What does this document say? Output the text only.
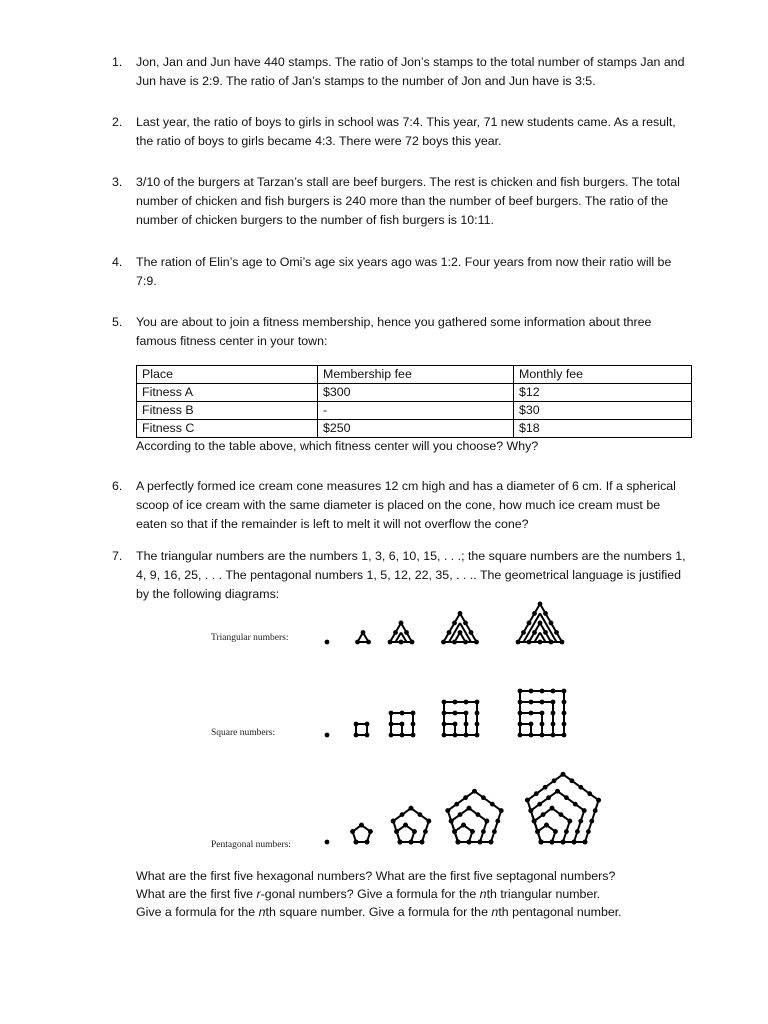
1.	Jon, Jan and Jun have 440 stamps. The ratio of Jon’s stamps to the total number of stamps Jan and Jun have is 2:9. The ratio of Jan’s stamps to the number of Jon and Jun have is 3:5.
2.	Last year, the ratio of boys to girls in school was 7:4. This year, 71 new students came. As a result, the ratio of boys to girls became 4:3. There were 72 boys this year.
3.	3/10 of the burgers at Tarzan’s stall are beef burgers. The rest is chicken and fish burgers. The total number of chicken and fish burgers is 240 more than the number of beef burgers. The ratio of the number of chicken burgers to the number of fish burgers is 10:11.
4.	The ration of Elin’s age to Omi’s age six years ago was 1:2. Four years from now their ratio will be 7:9.
5.	You are about to join a fitness membership, hence you gathered some information about three famous fitness center in your town:
Place	Membership fee	Monthly fee
Fitness A	$300	$12
Fitness B	-	$30
Fitness C	$250	$18
According to the table above, which fitness center will you choose? Why?
6.	A perfectly formed ice cream cone measures 12 cm high and has a diameter of 6 cm. If a spherical scoop of ice cream with the same diameter is placed on the cone, how much ice cream must be eaten so that if the remainder is left to melt it will not overflow the cone?
7.	The triangular numbers are the numbers 1, 3, 6, 10, 15, . . .; the square numbers are the numbers 1, 4, 9, 16, 25, . . . The pentagonal numbers 1, 5, 12, 22, 35, . . .. The geometrical language is justified by the following diagrams:
Triangular numbers:
Square numbers:
Pentagonal numbers:
What are the first five hexagonal numbers? What are the first five septagonal numbers?
What are the first five r-gonal numbers? Give a formula for the nth triangular number.
Give a formula for the nth square number. Give a formula for the nth pentagonal number.
